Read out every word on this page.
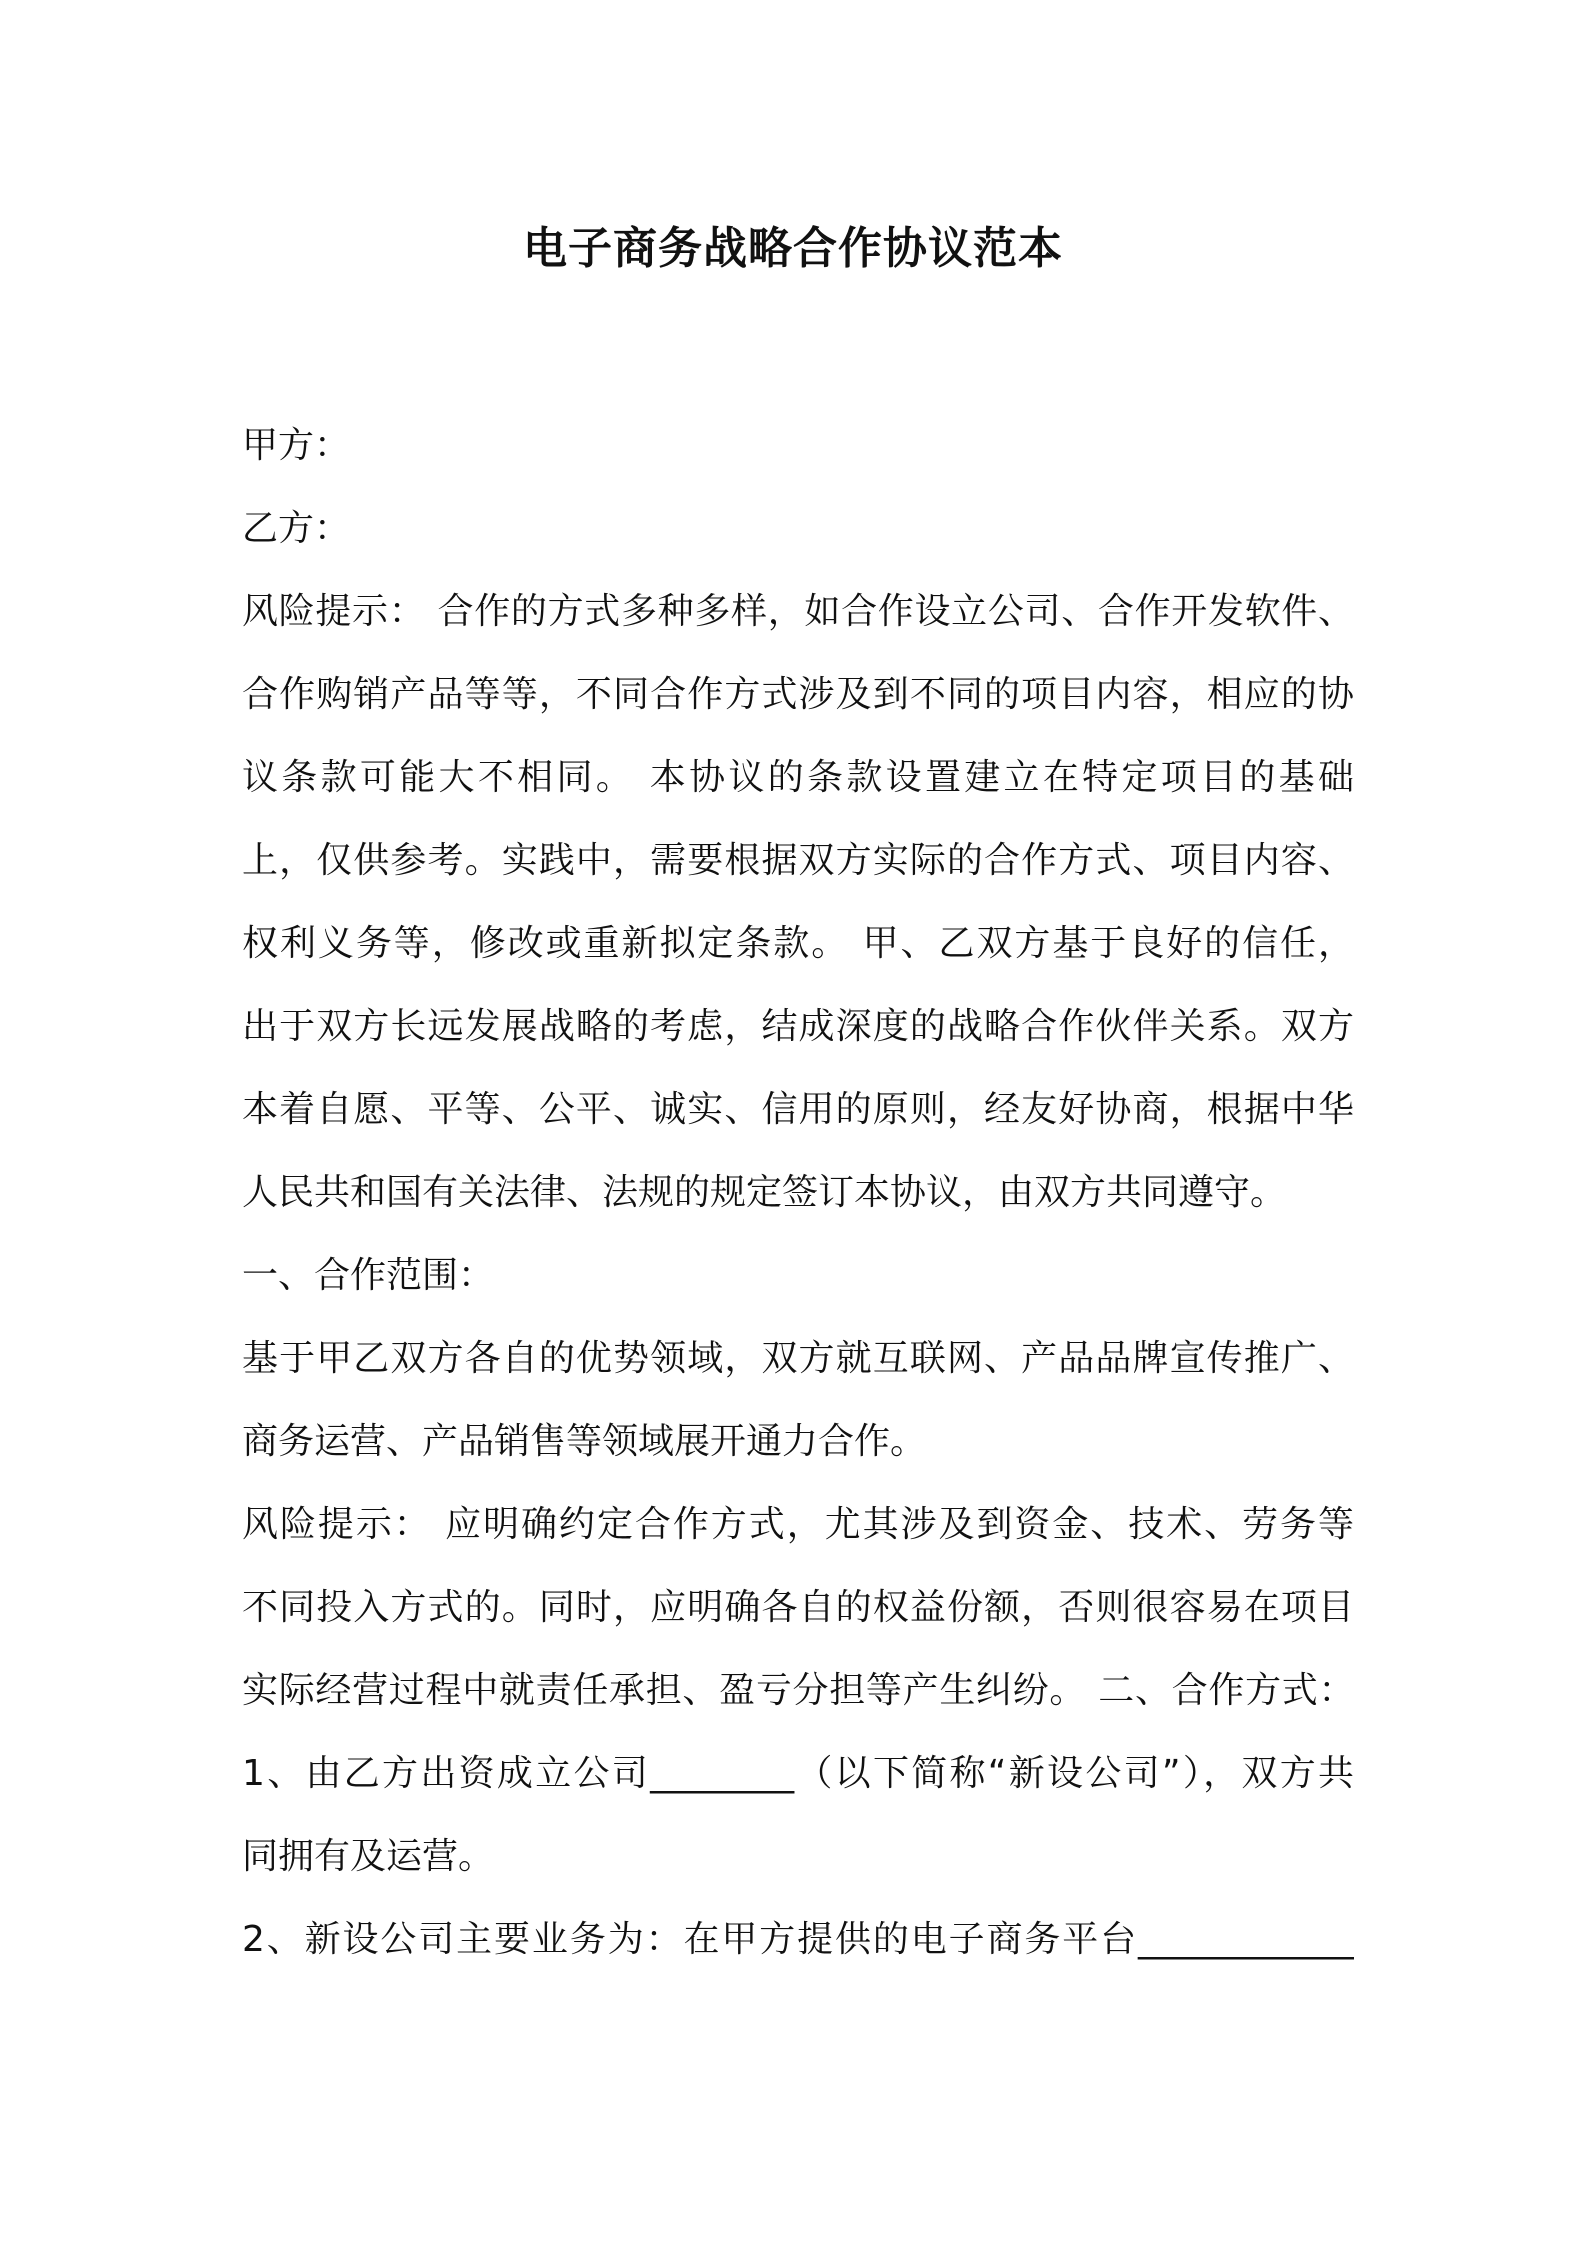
电子商务战略合作协议范本
甲方：
乙方：
风险提示： 合作的方式多种多样，如合作设立公司、合作开发软件、
合作购销产品等等，不同合作方式涉及到不同的项目内容，相应的协
议条款可能大不相同。 本协议的条款设置建立在特定项目的基础
上，仅供参考。实践中，需要根据双方实际的合作方式、项目内容、
权利义务等，修改或重新拟定条款。 甲、乙双方基于良好的信任，
出于双方长远发展战略的考虑，结成深度的战略合作伙伴关系。双方
本着自愿、平等、公平、诚实、信用的原则，经友好协商，根据中华
人民共和国有关法律、法规的规定签订本协议，由双方共同遵守。
一、合作范围：
基于甲乙双方各自的优势领域，双方就互联网、产品品牌宣传推广、
商务运营、产品销售等领域展开通力合作。
风险提示： 应明确约定合作方式，尤其涉及到资金、技术、劳务等
不同投入方式的。同时，应明确各自的权益份额，否则很容易在项目
实际经营过程中就责任承担、盈亏分担等产生纠纷。 二、合作方式：
1、由乙方出资成立公司________（以下简称“新设公司”），双方共
同拥有及运营。
2、新设公司主要业务为：在甲方提供的电子商务平台____________
